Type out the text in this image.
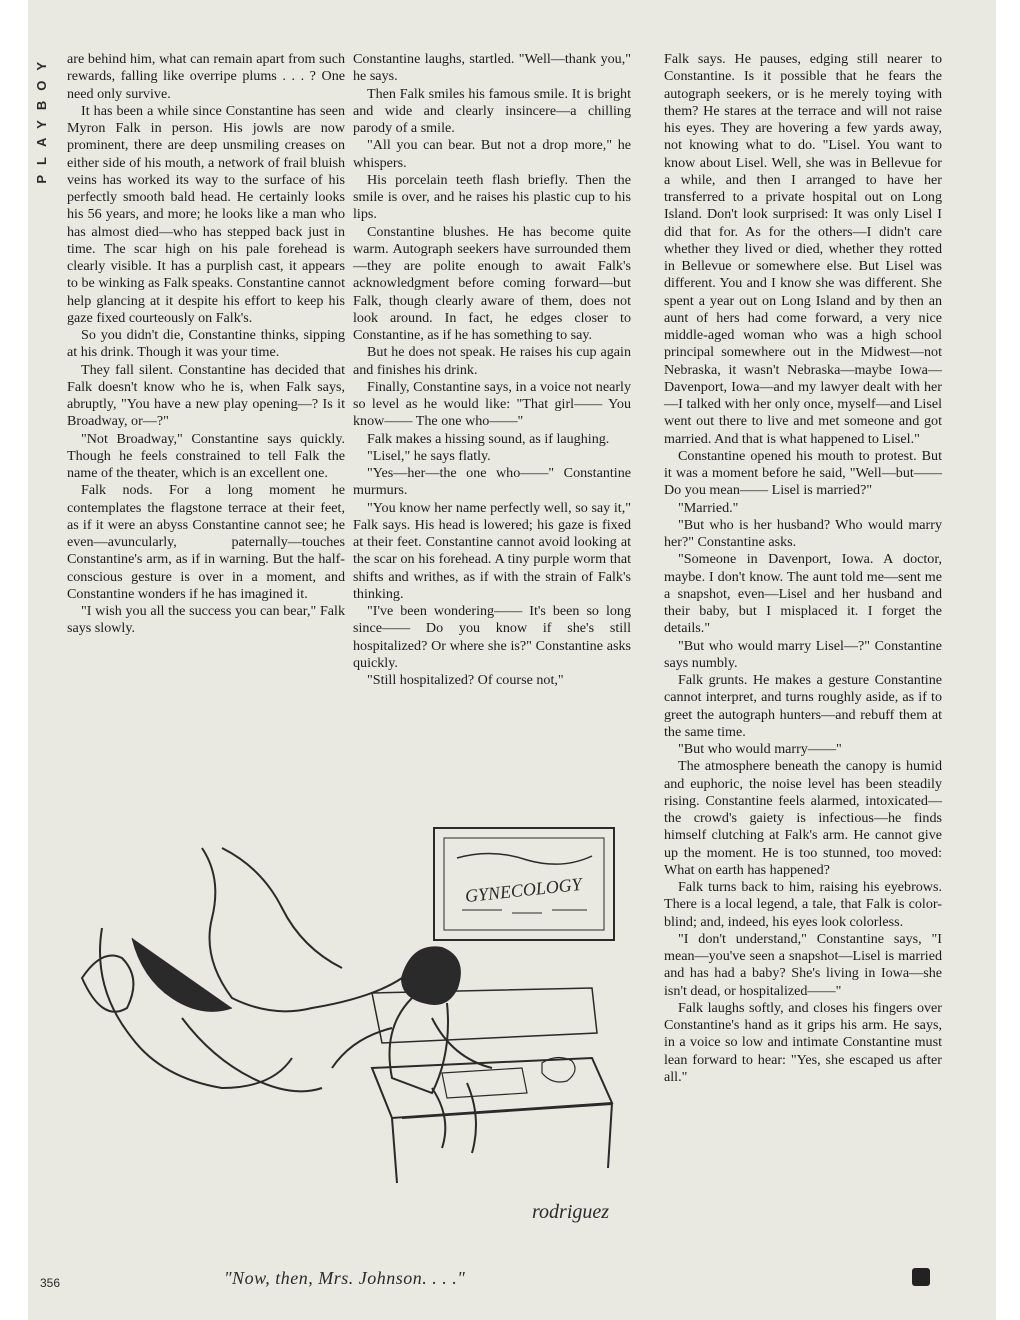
PLAYBOY	are behind him, what can remain apart from such rewards, falling like overripe plums . . . ? One need only survive.

It has been a while since Constantine has seen Myron Falk in person. His jowls are now prominent, there are deep unsmiling creases on either side of his mouth, a network of frail bluish veins has worked its way to the surface of his perfectly smooth bald head. He certainly looks his 56 years, and more; he looks like a man who has almost died—who has stepped back just in time. The scar high on his pale forehead is clearly visible. It has a purplish cast, it appears to be winking as Falk speaks. Constantine cannot help glancing at it despite his effort to keep his gaze fixed courteously on Falk's.

So you didn't die, Constantine thinks, sipping at his drink. Though it was your time.

They fall silent. Constantine has decided that Falk doesn't know who he is, when Falk says, abruptly, "You have a new play opening—? Is it Broadway, or—?"

"Not Broadway," Constantine says quickly. Though he feels constrained to tell Falk the name of the theater, which is an excellent one.

Falk nods. For a long moment he contemplates the flagstone terrace at their feet, as if it were an abyss Constantine cannot see; he even—avuncularly, paternally—touches Constantine's arm, as if in warning. But the half-conscious gesture is over in a moment, and Constantine wonders if he has imagined it.

"I wish you all the success you can bear," Falk says slowly.

Constantine laughs, startled. "Well—thank you," he says.

Then Falk smiles his famous smile. It is bright and wide and clearly insincere—a chilling parody of a smile.

"All you can bear. But not a drop more," he whispers.

His porcelain teeth flash briefly. Then the smile is over, and he raises his plastic cup to his lips.

Constantine blushes. He has become quite warm. Autograph seekers have surrounded them—they are polite enough to await Falk's acknowledgment before coming forward—but Falk, though clearly aware of them, does not look around. In fact, he edges closer to Constantine, as if he has something to say.

But he does not speak. He raises his cup again and finishes his drink.

Finally, Constantine says, in a voice not nearly so level as he would like: "That girl—— You know—— The one who——"

Falk makes a hissing sound, as if laughing.

"Lisel," he says flatly.

"Yes—her—the one who——" Constantine murmurs.

"You know her name perfectly well, so say it," Falk says. His head is lowered; his gaze is fixed at their feet. Constantine cannot avoid looking at the scar on his forehead. A tiny purple worm that shifts and writhes, as if with the strain of Falk's thinking.

"I've been wondering—— It's been so long since—— Do you know if she's still hospitalized? Or where she is?" Constantine asks quickly.

"Still hospitalized? Of course not,"

Falk says. He pauses, edging still nearer to Constantine. Is it possible that he fears the autograph seekers, or is he merely toying with them? He stares at the terrace and will not raise his eyes. They are hovering a few yards away, not knowing what to do. "Lisel. You want to know about Lisel. Well, she was in Bellevue for a while, and then I arranged to have her transferred to a private hospital out on Long Island. Don't look surprised: It was only Lisel I did that for. As for the others—I didn't care whether they lived or died, whether they rotted in Bellevue or somewhere else. But Lisel was different. You and I know she was different. She spent a year out on Long Island and by then an aunt of hers had come forward, a very nice middle-aged woman who was a high school principal somewhere out in the Midwest—not Nebraska, it wasn't Nebraska—maybe Iowa—Davenport, Iowa—and my lawyer dealt with her—I talked with her only once, myself—and Lisel went out there to live and met someone and got married. And that is what happened to Lisel."

Constantine opened his mouth to protest. But it was a moment before he said, "Well—but—— Do you mean—— Lisel is married?"

"Married."

"But who is her husband? Who would marry her?" Constantine asks.

"Someone in Davenport, Iowa. A doctor, maybe. I don't know. The aunt told me—sent me a snapshot, even—Lisel and her husband and their baby, but I misplaced it. I forget the details."

"But who would marry Lisel—?" Constantine says numbly.

Falk grunts. He makes a gesture Constantine cannot interpret, and turns roughly aside, as if to greet the autograph hunters—and rebuff them at the same time.

"But who would marry——"

The atmosphere beneath the canopy is humid and euphoric, the noise level has been steadily rising. Constantine feels alarmed, intoxicated—the crowd's gaiety is infectious—he finds himself clutching at Falk's arm. He cannot give up the moment. He is too stunned, too moved: What on earth has happened?

Falk turns back to him, raising his eyebrows. There is a local legend, a tale, that Falk is color-blind; and, indeed, his eyes look colorless.

"I don't understand," Constantine says, "I mean—you've seen a snapshot—Lisel is married and has had a baby? She's living in Iowa—she isn't dead, or hospitalized——"

Falk laughs softly, and closes his fingers over Constantine's hand as it grips his arm. He says, in a voice so low and intimate Constantine must lean forward to hear: "Yes, she escaped us after all."

GYNECOLOGY
rodriguez
"Now, then, Mrs. Johnson. . . ."
356
